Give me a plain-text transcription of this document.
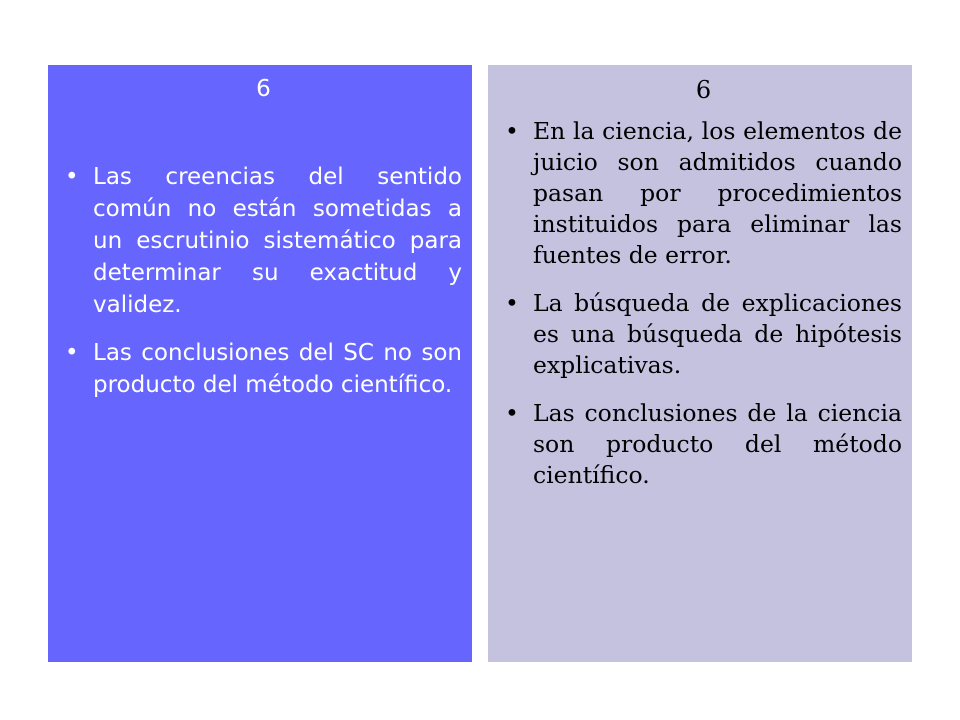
6

• Las creencias del sentido común no están sometidas a un escrutinio sistemático para determinar su exactitud y validez.
• Las conclusiones del SC no son producto del método científico.

6

• En la ciencia, los elementos de juicio son admitidos cuando pasan por procedimientos instituidos para eliminar las fuentes de error.
• La búsqueda de explicaciones es una búsqueda de hipótesis explicativas.
• Las conclusiones de la ciencia son producto del método científico.
